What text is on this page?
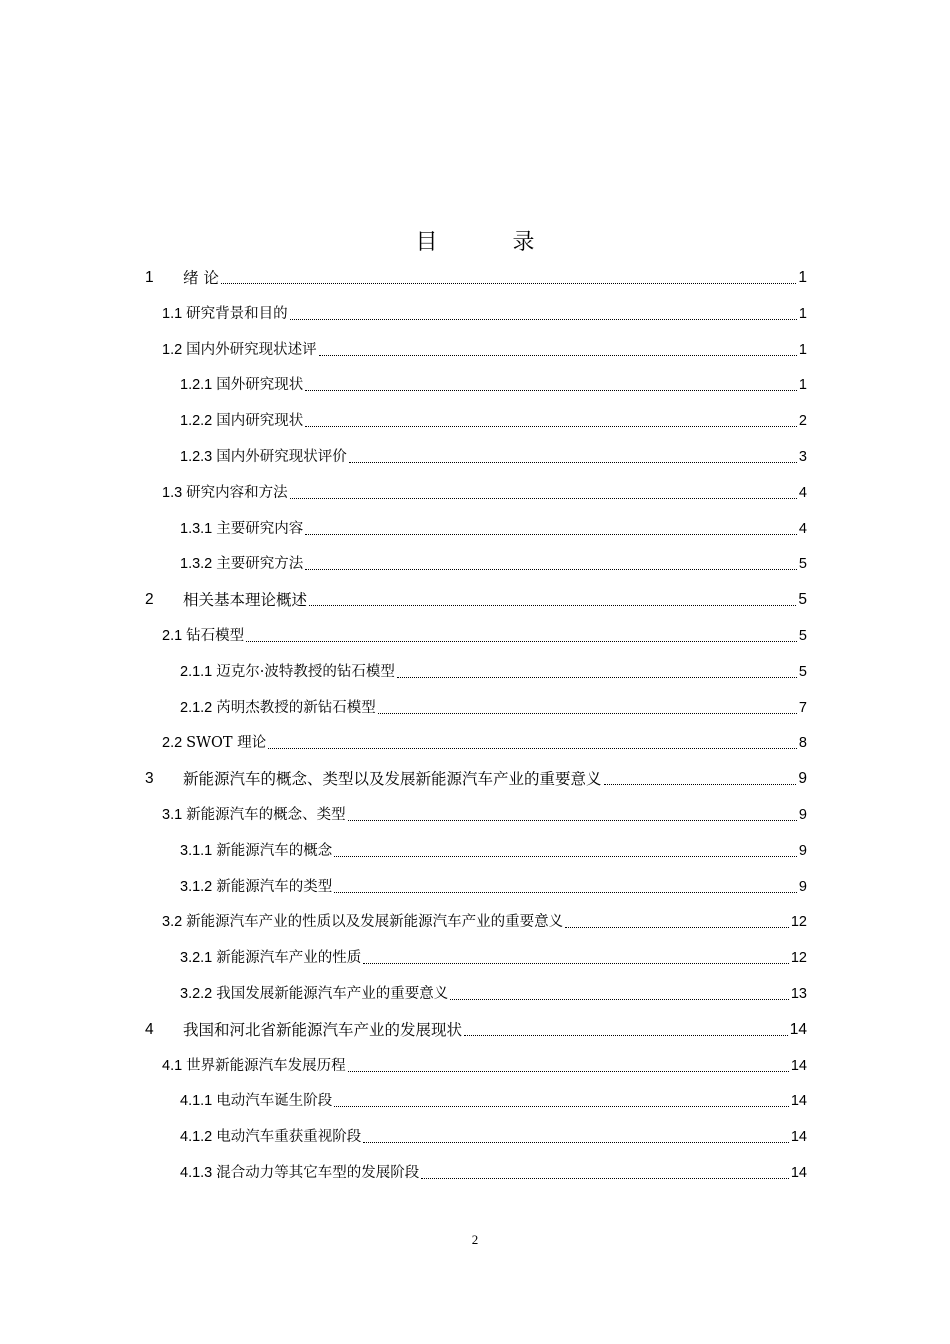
目 录
1	绪 论	1
1.1 研究背景和目的	1
1.2 国内外研究现状述评	1
1.2.1 国外研究现状	1
1.2.2 国内研究现状	2
1.2.3 国内外研究现状评价	3
1.3 研究内容和方法	4
1.3.1 主要研究内容	4
1.3.2 主要研究方法	5
2	相关基本理论概述	5
2.1 钻石模型	5
2.1.1 迈克尔·波特教授的钻石模型	5
2.1.2 芮明杰教授的新钻石模型	7
2.2 SWOT 理论	8
3	新能源汽车的概念、类型以及发展新能源汽车产业的重要意义	9
3.1 新能源汽车的概念、类型	9
3.1.1 新能源汽车的概念	9
3.1.2 新能源汽车的类型	9
3.2 新能源汽车产业的性质以及发展新能源汽车产业的重要意义	12
3.2.1 新能源汽车产业的性质	12
3.2.2 我国发展新能源汽车产业的重要意义	13
4	我国和河北省新能源汽车产业的发展现状	14
4.1 世界新能源汽车发展历程	14
4.1.1 电动汽车诞生阶段	14
4.1.2 电动汽车重获重视阶段	14
4.1.3 混合动力等其它车型的发展阶段	14
2
